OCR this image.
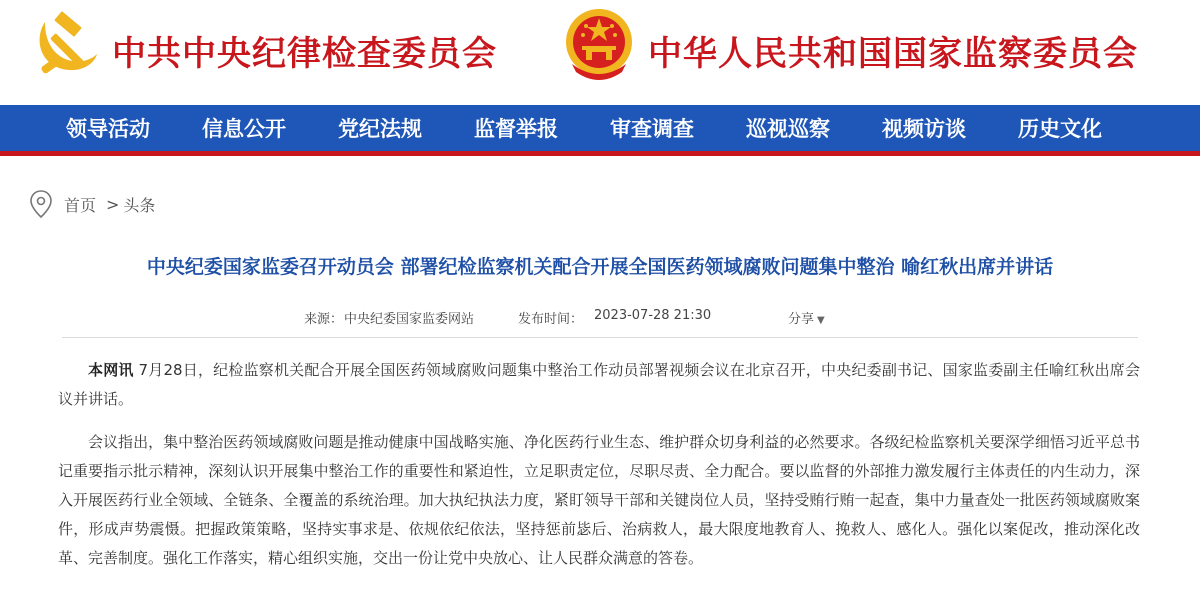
中共中央纪律检查委员会	中华人民共和国国家监察委员会
领导活动	信息公开	党纪法规	监督举报	审查调查	巡视巡察	视频访谈	历史文化
首页 > 头条
中央纪委国家监委召开动员会 部署纪检监察机关配合开展全国医药领域腐败问题集中整治 喻红秋出席并讲话
来源： 中央纪委国家监委网站	发布时间： 2023-07-28 21:30	分享 ▼

本网讯 7月28日，纪检监察机关配合开展全国医药领域腐败问题集中整治工作动员部署视频会议在北京召开，中央纪委副书记、国家监委副主任喻红秋出席会议并讲话。

会议指出，集中整治医药领域腐败问题是推动健康中国战略实施、净化医药行业生态、维护群众切身利益的必然要求。各级纪检监察机关要深学细悟习近平总书记重要指示批示精神，深刻认识开展集中整治工作的重要性和紧迫性，立足职责定位，尽职尽责、全力配合。要以监督的外部推力激发履行主体责任的内生动力，深入开展医药行业全领域、全链条、全覆盖的系统治理。加大执纪执法力度，紧盯领导干部和关键岗位人员，坚持受贿行贿一起查，集中力量查处一批医药领域腐败案件，形成声势震慑。把握政策策略，坚持实事求是、依规依纪依法，坚持惩前毖后、治病救人，最大限度地教育人、挽救人、感化人。强化以案促改，推动深化改革、完善制度。强化工作落实，精心组织实施，交出一份让党中央放心、让人民群众满意的答卷。
